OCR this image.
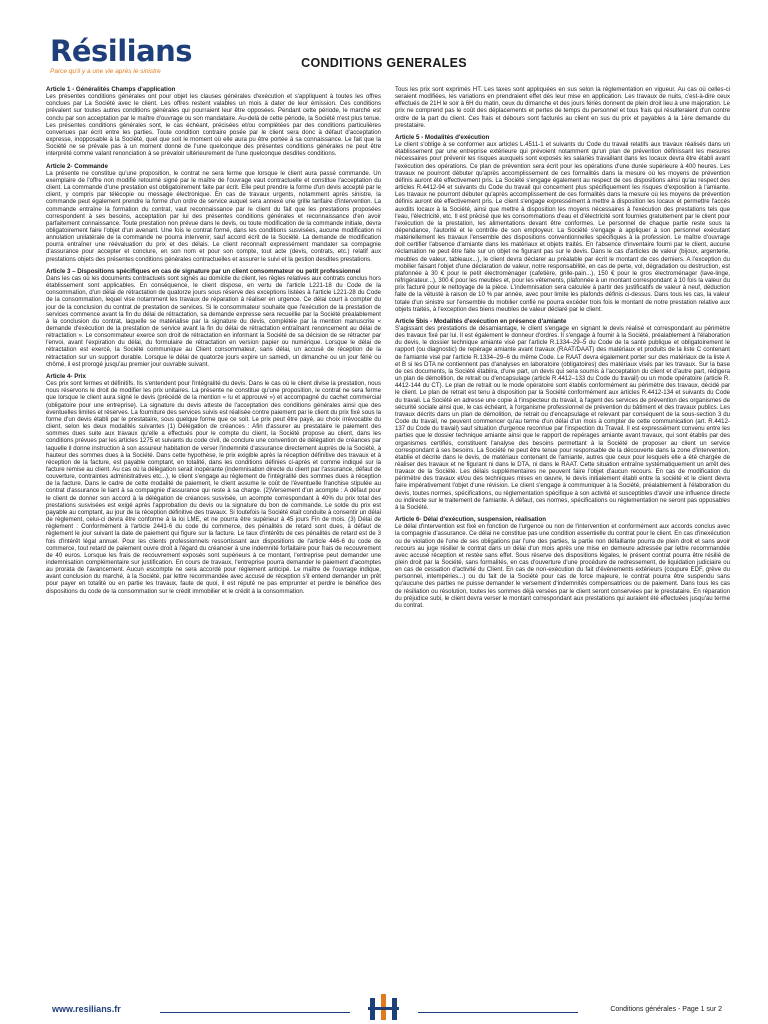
Résilians
Parce qu'il y a une vie après le sinistre
CONDITIONS GENERALES
Article 1 - Généralités Champs d'application

Les présentes conditions générales ont pour objet les clauses générales d'exécution et s'appliquent à toutes les offres conclues par La Société avec le client. Les offres restent valables un mois à dater de leur émission. Ces conditions prévalent sur toutes autres conditions générales qui pourraient leur être opposées. Pendant cette période, le marché est conclu par son acceptation par le maître d'ouvrage ou son mandataire. Au-delà de cette période, la Société n'est plus tenue. Les présentes conditions générales sont, le cas échéant, précisées et/ou complétées par des conditions particulières convenues par écrit entre les parties. Toute condition contraire posée par le client sera donc à défaut d'acceptation expresse, inopposable à la Société, quel que soit le moment où elle aura pu être portée à sa connaissance. Le fait que la Société ne se prévale pas à un moment donné de l'une quelconque des présentes conditions générales ne peut être interprété comme valant renonciation à se prévaloir ultérieurement de l'une quelconque desdites conditions.

Article 2- Commande

La présente ne constitue qu'une proposition, le contrat ne sera ferme que lorsque le client aura passé commande. Un exemplaire de l'offre non modifié retourné signé par le maître de l'ouvrage vaut contractuelle et constitue l'acceptation du client. La commande d'une prestation est obligatoirement faite par écrit. Elle peut prendre la forme d'un devis accepté par le client, y compris par télécopie ou message électronique. En cas de travaux urgents, notamment après sinistre, la commande peut également prendre la forme d'un ordre de service auquel sera annexé une grille tarifaire d'intervention. La commande entraîne la formation du contrat, vaut reconnaissance par le client du fait que les prestations proposées correspondent à ses besoins, acceptation par lui des présentes conditions générales et reconnaissance d'en avoir parfaitement connaissance. Toute prestation non prévue dans le devis, ou toute modification de la commande initiale, devra obligatoirement faire l'objet d'un avenant. Une fois le contrat formé, dans les conditions susvisées, aucune modification ni annulation unilatérale de la commande ne pourra intervenir, sauf accord écrit de la Société. La demande de modification pourra entraîner une réévaluation du prix et des délais. Le client reconnaît expressément mandater sa compagnie d'assurance pour accepter et conclure, en son nom et pour son compte, tout acte (devis, contrats, etc.) relatif aux prestations objets des présentes conditions générales contractuelles et assurer le suivi et la gestion desdites prestations.

Article 3 – Dispositions spécifiques en cas de signature par un client consommateur ou petit professionnel

Dans les cas où les documents contractuels sont signés au domicile du client, les règles relatives aux contrats conclus hors établissement sont applicables. En conséquence, le client dispose, en vertu de l'article L221-18 du Code de la consommation, d'un délai de rétractation de quatorze jours sous réserve des exceptions listées à l'article L221-28 du Code de la consommation, lequel vise notamment les travaux de réparation à réaliser en urgence. Ce délai court à compter du jour de la conclusion du contrat de prestation de services. Si le consommateur souhaite que l'exécution de la prestation de services commence avant la fin du délai de rétractation, sa demande expresse sera recueillie par la Société préalablement à la conclusion du contrat, laquelle se matérialise par la signature du devis, complétée par la mention manuscrite « demande d'exécution de la prestation de service avant la fin du délai de rétractation entraînant renoncement au délai de rétractation ». Le consommateur exerce son droit de rétractation en informant la Société de sa décision de se rétracter par l'envoi, avant l'expiration du délai, du formulaire de rétractation en version papier ou numérique. Lorsque le délai de rétractation est exercé, la Société communique au Client consommateur, sans délai, un accusé de réception de la rétractation sur un support durable. Lorsque le délai de quatorze jours expire un samedi, un dimanche ou un jour férié ou chômé, il est prorogé jusqu'au premier jour ouvrable suivant.

Article 4- Prix

Ces prix sont fermes et définitifs. Ils s'entendent pour l'intégralité du devis. Dans le cas où le client divise la prestation, nous nous réservons le droit de modifier les prix unitaires. La présente ne constitue qu'une proposition, le contrat ne sera ferme que lorsque le client aura signé le devis (précédé de la mention « lu et approuvé ») et accompagné du cachet commercial (obligatoire pour une entreprise). La signature du devis atteste de l'acceptation des conditions générales ainsi que des éventuelles limites et réserves. La fourniture des services suivis est réalisée contre paiement par le client du prix fixé sous la forme d'un devis établi par le prestataire, sous quelque forme que ce soit. Le prix peut être payé, au choix irrévocable du client, selon les deux modalités suivantes (1) Délégation de créances : Afin d'assurer au prestataire le paiement des sommes dues suite aux travaux qu'elle a effectués pour le compte du client, la Société propose au client, dans les conditions prévues par les articles 1275 et suivants du code civil, de conclure une convention de délégation de créances par laquelle il donne instruction à son assureur habitation de verser l'indemnité d'assurance directement auprès de la Société, à hauteur des sommes dues à la Société. Dans cette hypothèse, le prix exigible après la réception définitive des travaux et à réception de la facture, est payable comptant, en totalité, dans les conditions définies ci-après et comme indiqué sur la facture remise au client. Au cas où la délégation serait inopérante (indemnisation directe du client par l'assurance, défaut de couverture, contraintes administratives etc...), le client s'engage au règlement de l'intégralité des sommes dues à réception de la facture. Dans le cadre de cette modalité de paiement, le client assume le coût de l'éventuelle franchise stipulée au contrat d'assurance le liant à sa compagnie d'assurance qui reste à sa charge. (2)Versement d'un acompte : A défaut pour le client de donner son accord à la délégation de créances susvisée, un acompte correspondant à 40% du prix total des prestations susvisées est exigé après l'approbation du devis ou la signature du bon de commande. Le solde du prix est payable au comptant, au jour de la réception définitive des travaux. Si toutefois la Société était conduite à consentir un délai de règlement, celui-ci devra être conforme à la loi LME, et ne pourra être supérieur à 45 jours Fin de mois. (3) Délai de règlement : Conformément à l'article 2441-6 du code du commerce, des pénalités de retard sont dues, à défaut de règlement le jour suivant la date de paiement qui figure sur la facture. Le taux d'intérêts de ces pénalités de retard est de 3 fois d'intérêt légal annuel. Pour les clients professionnels ressortissant aux dispositions de l'article 446-6 du code de commerce, tout retard de paiement ouvre droit à l'égard du créancier à une indemnité forfaitaire pour frais de recouvrement de 40 euros. Lorsque les frais de recouvrement exposés sont supérieurs à ce montant, l'entreprise peut demander une indemnisation complémentaire sur justification. En cours de travaux, l'entreprise pourra demander le paiement d'acomptes au prorata de l'avancement. Aucun escompte ne sera accordé pour règlement anticipé. Le maître de l'ouvrage indique, avant conclusion du marché, à la Société, par lettre recommandée avec accusé de réception s'il entend demander un prêt pour payer en totalité ou en partie les travaux, faute de quoi, il est réputé ne pas emprunter et perdre le bénéfice des dispositions du code de la consommation sur le crédit immobilier et le crédit à la consommation.

Tous les prix sont exprimés HT. Les taxes sont appliquées en sus selon la réglementation en vigueur. Au cas où celles-ci seraient modifiées, les variations en prendraient effet dès leur mise en application. Les travaux de nuits, c'est-à-dire ceux effectués de 21H le soir à 6H du matin, ceux du dimanche et des jours fériés donnent de plein droit lieu à une majoration. Le prix ne comprend pas le coût des déplacements et pertes de temps du personnel et tous frais qui résulteraient d'un contre ordre de la part du client. Ces frais et débours sont facturés au client en sus du prix et payables à la 1ère demande du prestataire.

Article 5 - Modalités d'exécution

Le client s'oblige à se conformer aux articles L.4511-1 et suivants du Code du travail relatifs aux travaux réalisés dans un établissement par une entreprise extérieure qui prévoient notamment qu'un plan de prévention définissant les mesures nécessaires pour prévenir les risques auxquels sont exposés les salariés travaillant dans les locaux devra être établi avant l'exécution des opérations. Ce plan de prévention sera écrit pour les opérations d'une durée supérieure à 400 heures. Les travaux ne pourront débuter qu'après accomplissement de ces formalités dans la mesure où les moyens de prévention définis auront été effectivement pris. La Société s'engage également au respect de ces dispositions ainsi qu'au respect des articles R.4412-94 et suivants du Code du travail qui concernent plus spécifiquement les risques d'exposition à l'amiante. Les travaux ne pourront débuter qu'après accomplissement de ces formalités dans la mesure où les moyens de prévention définis auront été effectivement pris. Le client s'engage expressément à mettre à disposition les locaux et permettre l'accès auxdits locaux à la Société, ainsi que mettre à disposition les moyens nécessaires à l'exécution des prestations tels que l'eau, l'électricité, etc. Il est précisé que les consommations d'eau et d'électricité sont fournies gratuitement par le client pour l'exécution de la prestation, les alimentations devant être conformes. Le personnel de chaque partie reste sous la dépendance, l'autorité et le contrôle de son employeur. La Société s'engage à appliquer à son personnel exécutant matériellement les travaux l'ensemble des dispositions conventionnelles spécifiques à la profession. Le maître d'ouvrage doit certifier l'absence d'amiante dans les matériaux et objets traités. En l'absence d'inventaire fourni par le client, aucune réclamation ne peut être faite sur un objet ne figurant pas sur le devis. Dans le cas d'articles de valeur (bijoux, argenterie, meubles de valeur, tableaux...), le client devra déclarer au préalable par écrit le montant de ces derniers. A l'exception du mobilier faisant l'objet d'une déclaration de valeur, notre responsabilité, en cas de perte, vol, dégradation ou destruction, est plafonnée à 30 € pour le petit électroménager (cafetière, grille-pain...), 150 € pour le gros électroménager (lave-linge, réfrigérateur...), 300 € pour les meubles et, pour les vêtements, plafonnée à un montant correspondant à 10 fois la valeur du prix facturé pour le nettoyage de la pièce. L'indemnisation sera calculée à partir des justificatifs de valeur à neuf, déduction faite de la vétusté à raison de 10 % par année, avec pour limite les plafonds définis ci-dessus. Dans tous les cas, la valeur totale d'un sinistre sur l'ensemble du mobilier confié ne pourra excéder trois fois le montant de notre prestation relative aux objets traités, à l'exception des biens meubles de valeur déclaré par le client.

Article 5bis - Modalités d'exécution en présence d'amiante

S'agissant des prestations de désamiantage, le client s'engage en signant le devis réalisé et correspondant au périmètre des travaux fixé par lui. Il est également le donneur d'ordres. Il s'engage à fournir à la Société, préalablement à l'élaboration du devis, le dossier technique amiante visé par l'article R.1334–29–5 du Code de la santé publique et obligatoirement le rapport (ou diagnostic) de repérage amiante avant travaux (RAAT/DAAT) des matériaux et produits de la liste C contenant de l'amiante visé par l'article R.1334–29–6 du même Code. Le RAAT devra également porter sur des matériaux de la liste A et B si les DTA ne contiennent pas d'analyses en laboratoire (obligatoires) des matériaux visés par les travaux. Sur la base de ces documents, la Société établira, d'une part, un devis qui sera soumis à l'acceptation du client et d'autre part, rédigera un plan de démolition, de retrait ou d'encapsulage (article R.4412–133 du Code du travail) ou un mode opératoire (article R. 4412-144 du CT). Le plan de retrait ou le mode opératoire sont établis conformément au périmètre des travaux, décidé par le client. Le plan de retrait est tenu à disposition par la Société conformément aux articles R.4412-134 et suivants du Code du travail. La Société en adresse une copie à l'inspecteur du travail, à l'agent des services de prévention des organismes de sécurité sociale ainsi que, le cas échéant, à l'organisme professionnel de prévention du bâtiment et des travaux publics. Les travaux décrits dans un plan de démolition, de retrait ou d'encapsulage et relevant par conséquent de la sous-section 3 du Code du travail, ne peuvent commencer qu'au terme d'un délai d'un mois à compter de cette communication (art. R.4412-137 du Code du travail) sauf situation d'urgence reconnue par l'inspection du Travail. Il est expressément convenu entre les parties que le dossier technique amiante ainsi que le rapport de repérages amiante avant travaux, qui sont établis par des organismes certifiés, constituent l'analyse des besoins permettant à la Société de proposer au client un service correspondant à ses besoins. La Société ne peut être tenue pour responsable de la découverte dans la zone d'intervention, établie et décrite dans le devis, de matériaux contenant de l'amiante, autres que ceux pour lesquels elle a été chargée de réaliser des travaux et ne figurant ni dans le DTA, ni dans le RAAT. Cette situation entraîne systématiquement un arrêt des travaux de la Société. Les délais supplémentaires ne peuvent faire l'objet d'aucun recours. En cas de modification du périmètre des travaux et/ou des techniques mises en œuvre, le devis initialement établi entre la société et le client devra faire impérativement l'objet d'une révision. Le client s'engage à communiquer à la Société, préalablement à l'élaboration du devis, toutes normes, spécifications, ou réglementation spécifique à son activité et susceptibles d'avoir une influence directe ou indirecte sur le traitement de l'amiante. A défaut, ces normes, spécifications ou réglementation ne seront pas opposables à la Société.

Article 6- Délai d'exécution, suspension, réalisation

Le délai d'intervention est fixé en fonction de l'urgence ou non de l'intervention et conformément aux accords conclus avec la compagnie d'assurance. Ce délai ne constitue pas une condition essentielle du contrat pour le client. En cas d'inexécution ou de violation de l'une de ses obligations par l'une des parties, la partie non défaillante pourra de plein droit et sans avoir recours au juge résilier le contrat dans un délai d'un mois après une mise en demeure adressée par lettre recommandée avec accusé réception et restée sans effet. Sous réserve des dispositions légales, le présent contrat pourra être résilié de plein droit par la Société, sans formalités, en cas d'ouverture d'une procédure de redressement, de liquidation judiciaire ou en cas de cessation d'activité du Client. En cas de non-exécution du fait d'événements extérieurs (coupure EDF, grève du personnel, intempéries...) ou du fait de la Société pour cas de force majeure, le contrat pourra être suspendu sans qu'aucune des parties ne puisse demander le versement d'indemnités compensatrices ou de paiement. Dans tous les cas de résiliation ou résolution, toutes les sommes déjà versées par le client seront conservées par le prestataire. En réparation du préjudice subi, le client devra verser le montant correspondant aux prestations qui auraient été effectuées jusqu'au terme du contrat.

www.resilians.fr	Conditions générales - Page 1 sur 2
